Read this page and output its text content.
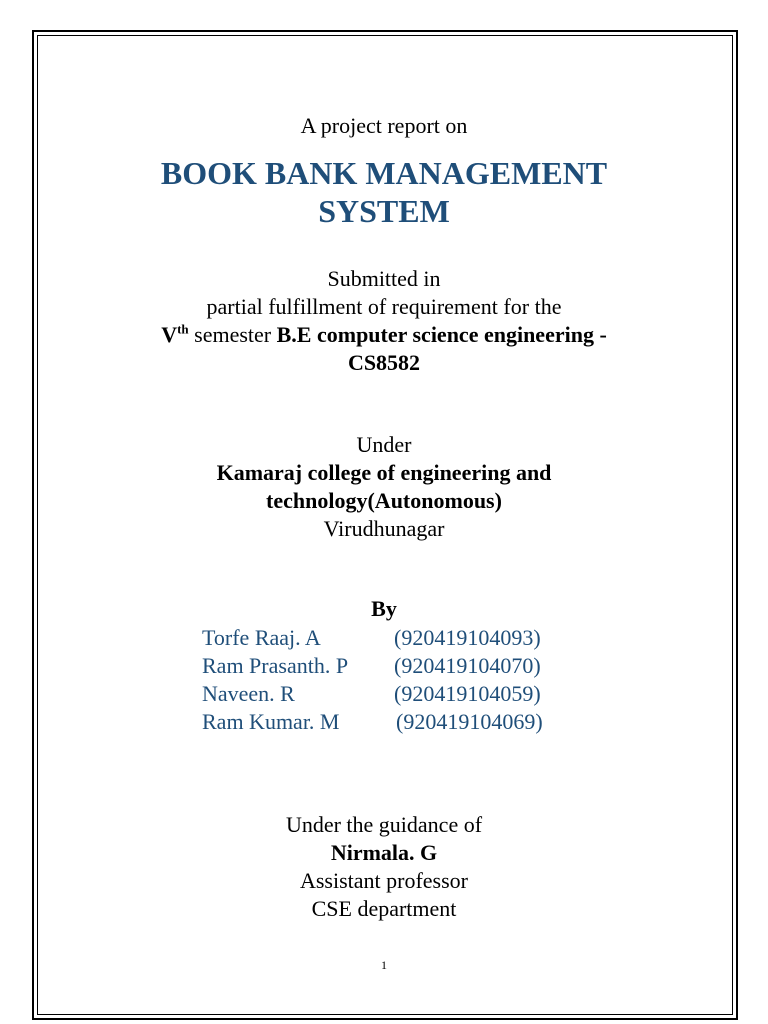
A project report on
BOOK BANK MANAGEMENT
SYSTEM
Submitted in
partial fulfillment of requirement for the
Vth semester B.E computer science engineering -
CS8582
Under
Kamaraj college of engineering and
technology(Autonomous)
Virudhunagar
By
Torfe Raaj. A	(920419104093)
Ram Prasanth. P (920419104070)
Naveen. R	(920419104059)
Ram Kumar. M	(920419104069)
Under the guidance of
Nirmala. G
Assistant professor
CSE department
1
